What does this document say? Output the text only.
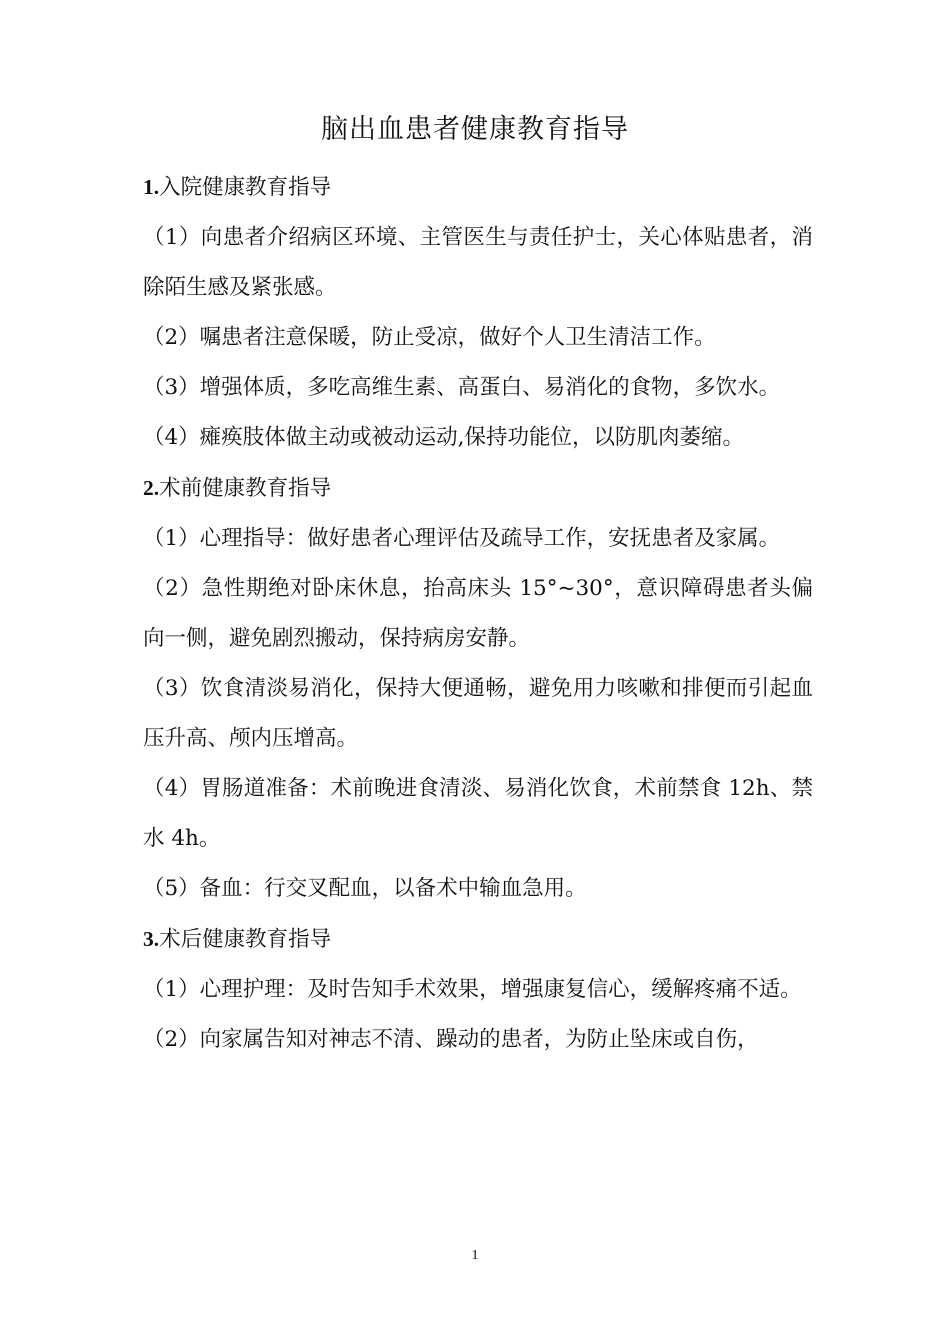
脑出血患者健康教育指导

1.入院健康教育指导

（1）向患者介绍病区环境、主管医生与责任护士，关心体贴患者，消除陌生感及紧张感。

（2）嘱患者注意保暖，防止受凉，做好个人卫生清洁工作。

（3）增强体质，多吃高维生素、高蛋白、易消化的食物，多饮水。

（4）瘫痪肢体做主动或被动运动,保持功能位，以防肌肉萎缩。

2.术前健康教育指导

（1）心理指导：做好患者心理评估及疏导工作，安抚患者及家属。

（2）急性期绝对卧床休息，抬高床头 15°~30°，意识障碍患者头偏向一侧，避免剧烈搬动，保持病房安静。

（3）饮食清淡易消化，保持大便通畅，避免用力咳嗽和排便而引起血压升高、颅内压增高。

（4）胃肠道准备：术前晚进食清淡、易消化饮食，术前禁食 12h、禁水 4h。

（5）备血：行交叉配血，以备术中输血急用。

3.术后健康教育指导

（1）心理护理：及时告知手术效果，增强康复信心，缓解疼痛不适。

（2）向家属告知对神志不清、躁动的患者，为防止坠床或自伤，

1
